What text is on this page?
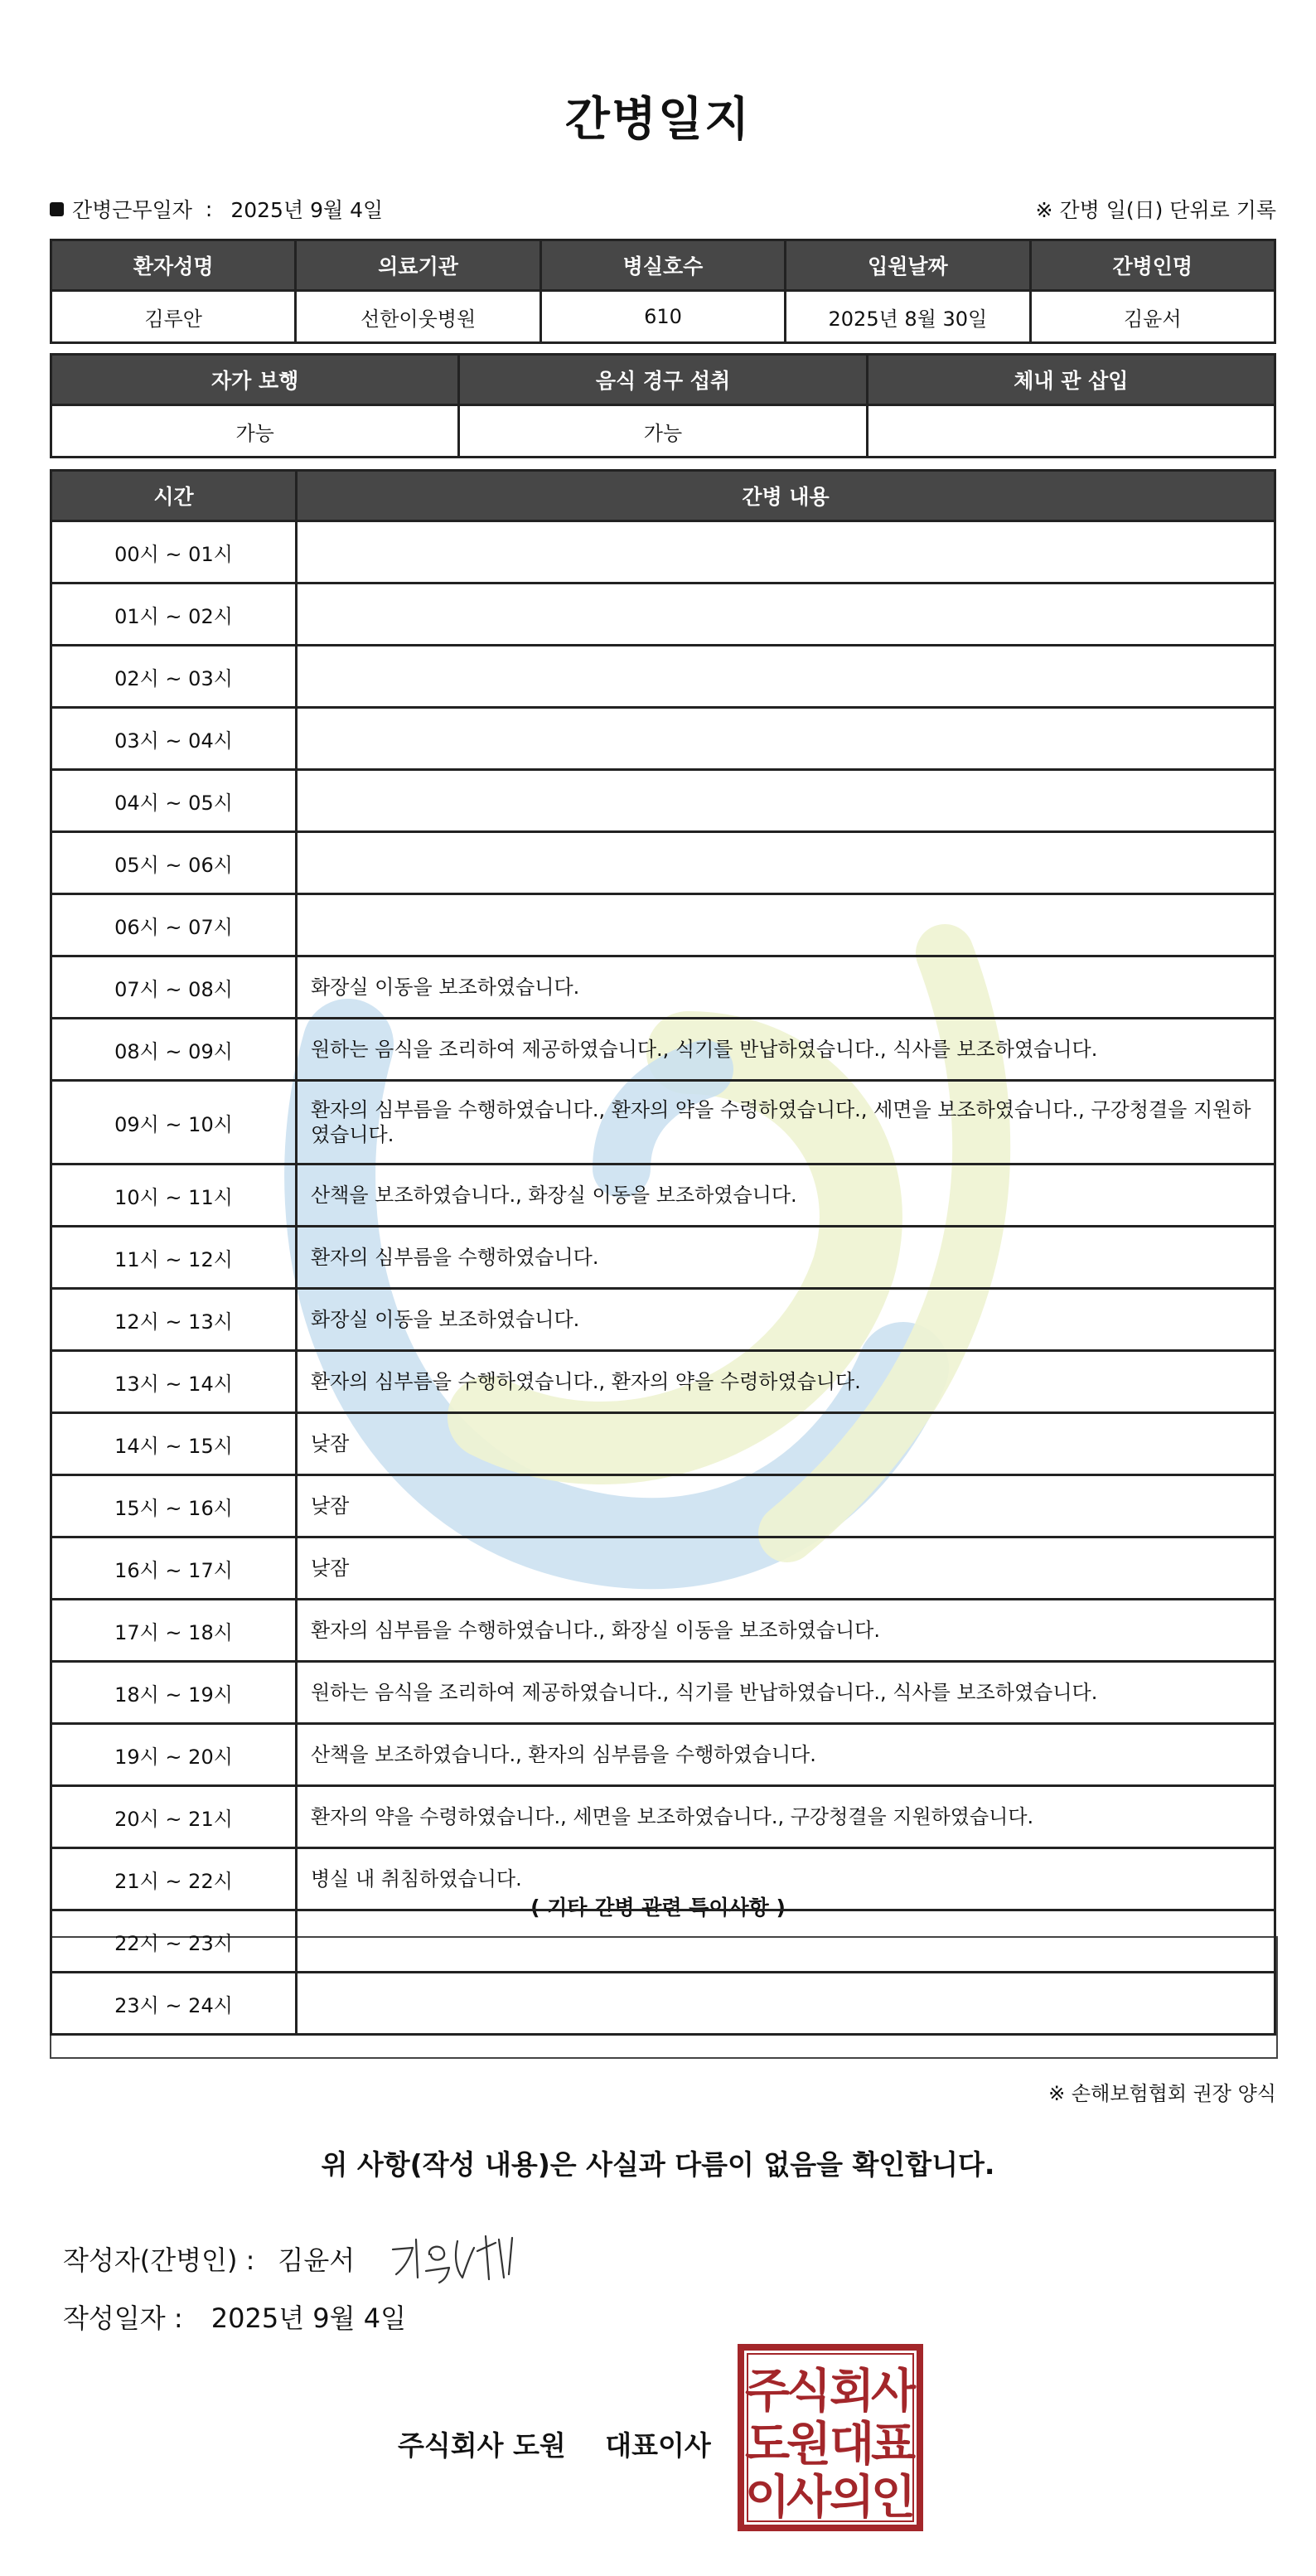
간병일지
간병근무일자 : 2025년 9월 4일	※ 간병 일(日) 단위로 기록
환자성명	의료기관	병실호수	입원날짜	간병인명
김루안	선한이웃병원	610	2025년 8월 30일	김윤서
자가 보행	음식 경구 섭취	체내 관 삽입
가능	가능	
시간	간병 내용
00시 ~ 01시	
01시 ~ 02시	
02시 ~ 03시	
03시 ~ 04시	
04시 ~ 05시	
05시 ~ 06시	
06시 ~ 07시	
07시 ~ 08시	화장실 이동을 보조하였습니다.
08시 ~ 09시	원하는 음식을 조리하여 제공하였습니다., 식기를 반납하였습니다., 식사를 보조하였습니다.
09시 ~ 10시	환자의 심부름을 수행하였습니다., 환자의 약을 수령하였습니다., 세면을 보조하였습니다., 구강청결을 지원하였습니다.
10시 ~ 11시	산책을 보조하였습니다., 화장실 이동을 보조하였습니다.
11시 ~ 12시	환자의 심부름을 수행하였습니다.
12시 ~ 13시	화장실 이동을 보조하였습니다.
13시 ~ 14시	환자의 심부름을 수행하였습니다., 환자의 약을 수령하였습니다.
14시 ~ 15시	낮잠
15시 ~ 16시	낮잠
16시 ~ 17시	낮잠
17시 ~ 18시	환자의 심부름을 수행하였습니다., 화장실 이동을 보조하였습니다.
18시 ~ 19시	원하는 음식을 조리하여 제공하였습니다., 식기를 반납하였습니다., 식사를 보조하였습니다.
19시 ~ 20시	산책을 보조하였습니다., 환자의 심부름을 수행하였습니다.
20시 ~ 21시	환자의 약을 수령하였습니다., 세면을 보조하였습니다., 구강청결을 지원하였습니다.
21시 ~ 22시	병실 내 취침하였습니다.
22시 ~ 23시	
23시 ~ 24시	
( 기타 간병 관련 특이사항 )
※ 손해보험협회 권장 양식
위 사항(작성 내용)은 사실과 다름이 없음을 확인합니다.
작성자(간병인) : 김윤서
작성일자 : 2025년 9월 4일
주식회사 도원 대표이사
주
식
회
사
도
원
대
표
이
사
의
인
